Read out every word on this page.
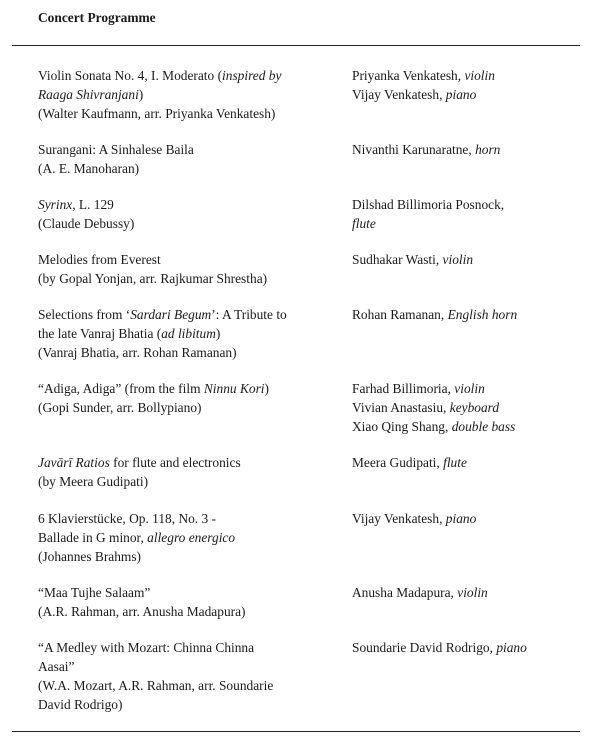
Concert Programme
Violin Sonata No. 4, I. Moderato (inspired by
Raaga Shivranjani)
(Walter Kaufmann, arr. Priyanka Venkatesh)
Priyanka Venkatesh, violin
Vijay Venkatesh, piano
Surangani: A Sinhalese Baila
(A. E. Manoharan)
Nivanthi Karunaratne, horn
Syrinx, L. 129
(Claude Debussy)
Dilshad Billimoria Posnock,
flute
Melodies from Everest
(by Gopal Yonjan, arr. Rajkumar Shrestha)
Sudhakar Wasti, violin
Selections from ‘Sardari Begum’: A Tribute to
the late Vanraj Bhatia (ad libitum)
(Vanraj Bhatia, arr. Rohan Ramanan)
Rohan Ramanan, English horn
“Adiga, Adiga” (from the film Ninnu Kori)
(Gopi Sunder, arr. Bollypiano)
Farhad Billimoria, violin
Vivian Anastasiu, keyboard
Xiao Qing Shang, double bass
Javārī Ratios for flute and electronics
(by Meera Gudipati)
Meera Gudipati, flute
6 Klavierstücke, Op. 118, No. 3 -
Ballade in G minor, allegro energico
(Johannes Brahms)
Vijay Venkatesh, piano
“Maa Tujhe Salaam”
(A.R. Rahman, arr. Anusha Madapura)
Anusha Madapura, violin
“A Medley with Mozart: Chinna Chinna
Aasai”
(W.A. Mozart, A.R. Rahman, arr. Soundarie
David Rodrigo)
Soundarie David Rodrigo, piano
